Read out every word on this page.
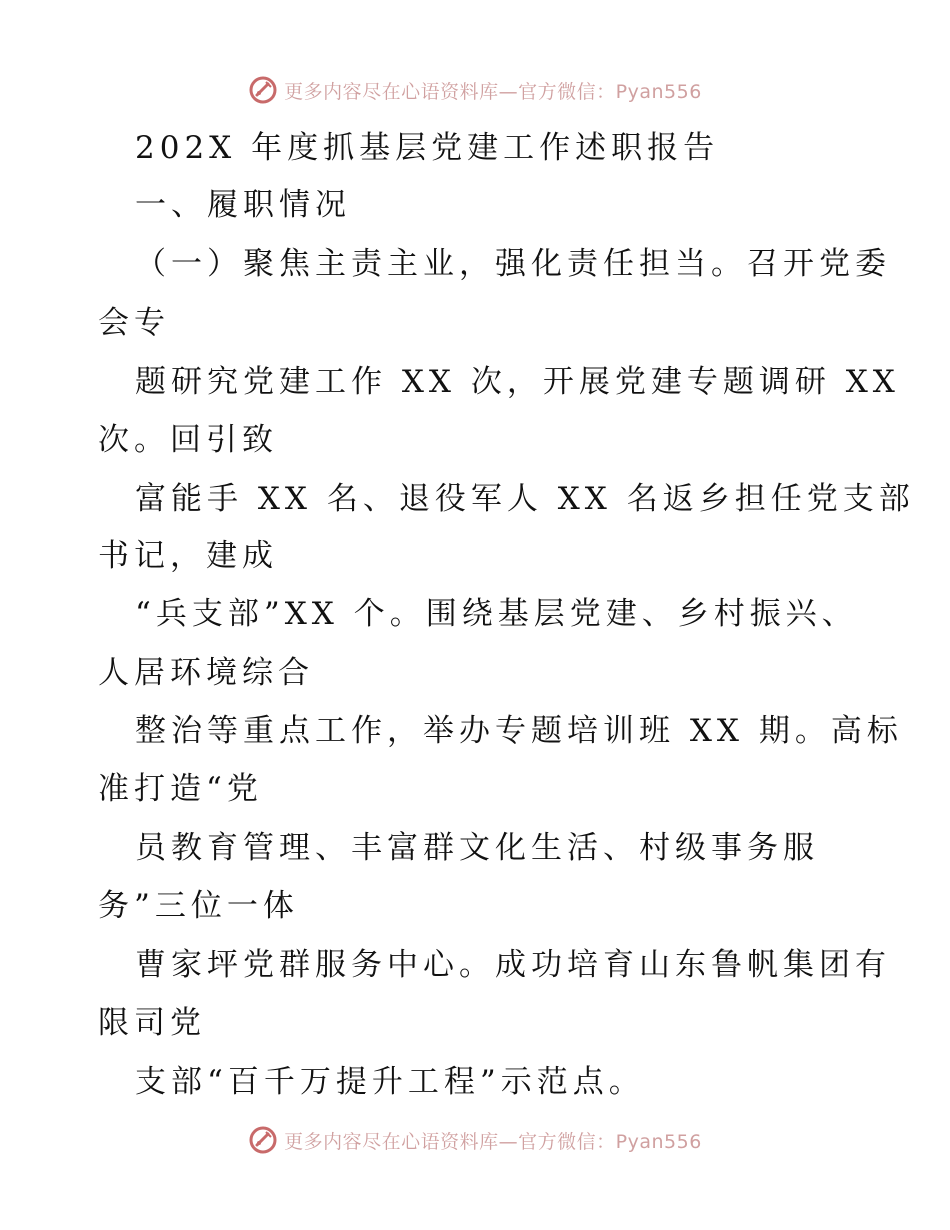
更多内容尽在心语资料库—官方微信：Pyan556
202X 年度抓基层党建工作述职报告
一、履职情况
（一）聚焦主责主业，强化责任担当。召开党委
会专
题研究党建工作 XX 次，开展党建专题调研 XX
次。回引致
富能手 XX 名、退役军人 XX 名返乡担任党支部
书记，建成
“兵支部”XX 个。围绕基层党建、乡村振兴、
人居环境综合
整治等重点工作，举办专题培训班 XX 期。高标
准打造“党
员教育管理、丰富群文化生活、村级事务服
务”三位一体
曹家坪党群服务中心。成功培育山东鲁帆集团有
限司党
支部“百千万提升工程”示范点。
更多内容尽在心语资料库—官方微信：Pyan556
